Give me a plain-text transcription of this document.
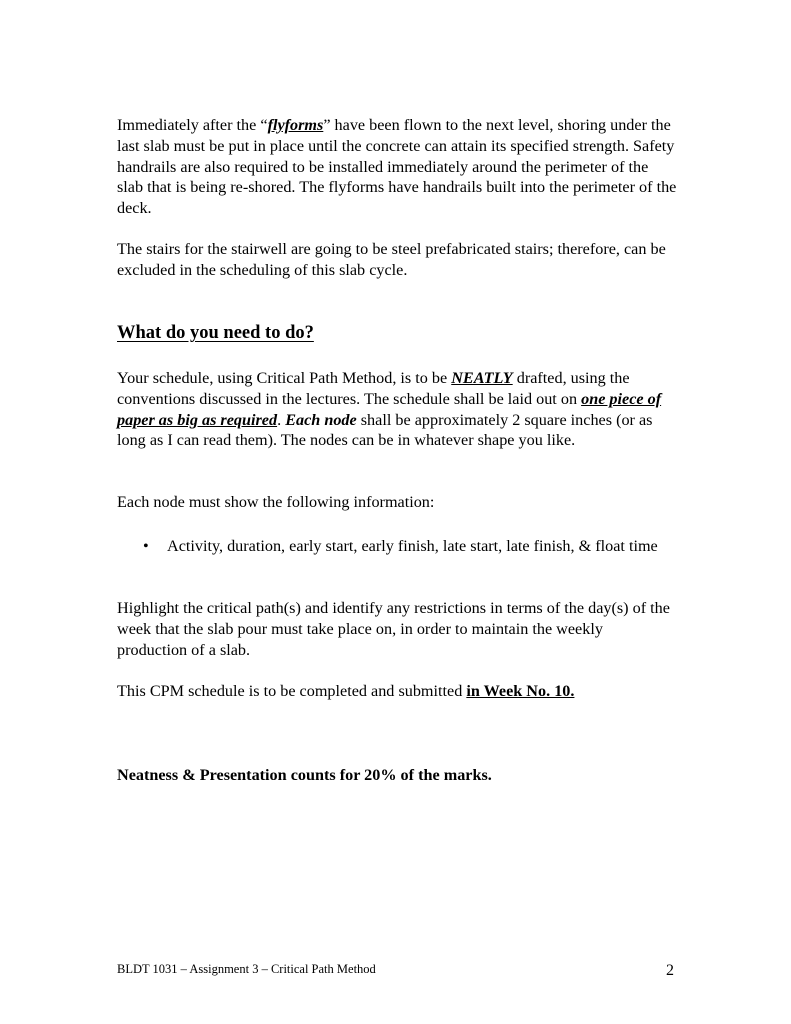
Immediately after the “flyforms” have been flown to the next level, shoring under the last slab must be put in place until the concrete can attain its specified strength. Safety handrails are also required to be installed immediately around the perimeter of the slab that is being re-shored. The flyforms have handrails built into the perimeter of the deck.

The stairs for the stairwell are going to be steel prefabricated stairs; therefore, can be excluded in the scheduling of this slab cycle.

What do you need to do?

Your schedule, using Critical Path Method, is to be NEATLY drafted, using the conventions discussed in the lectures. The schedule shall be laid out on one piece of paper as big as required. Each node shall be approximately 2 square inches (or as long as I can read them). The nodes can be in whatever shape you like.

Each node must show the following information:

• Activity, duration, early start, early finish, late start, late finish, & float time

Highlight the critical path(s) and identify any restrictions in terms of the day(s) of the week that the slab pour must take place on, in order to maintain the weekly production of a slab.

This CPM schedule is to be completed and submitted in Week No. 10.

Neatness & Presentation counts for 20% of the marks.

BLDT 1031 – Assignment 3 – Critical Path Method	2
